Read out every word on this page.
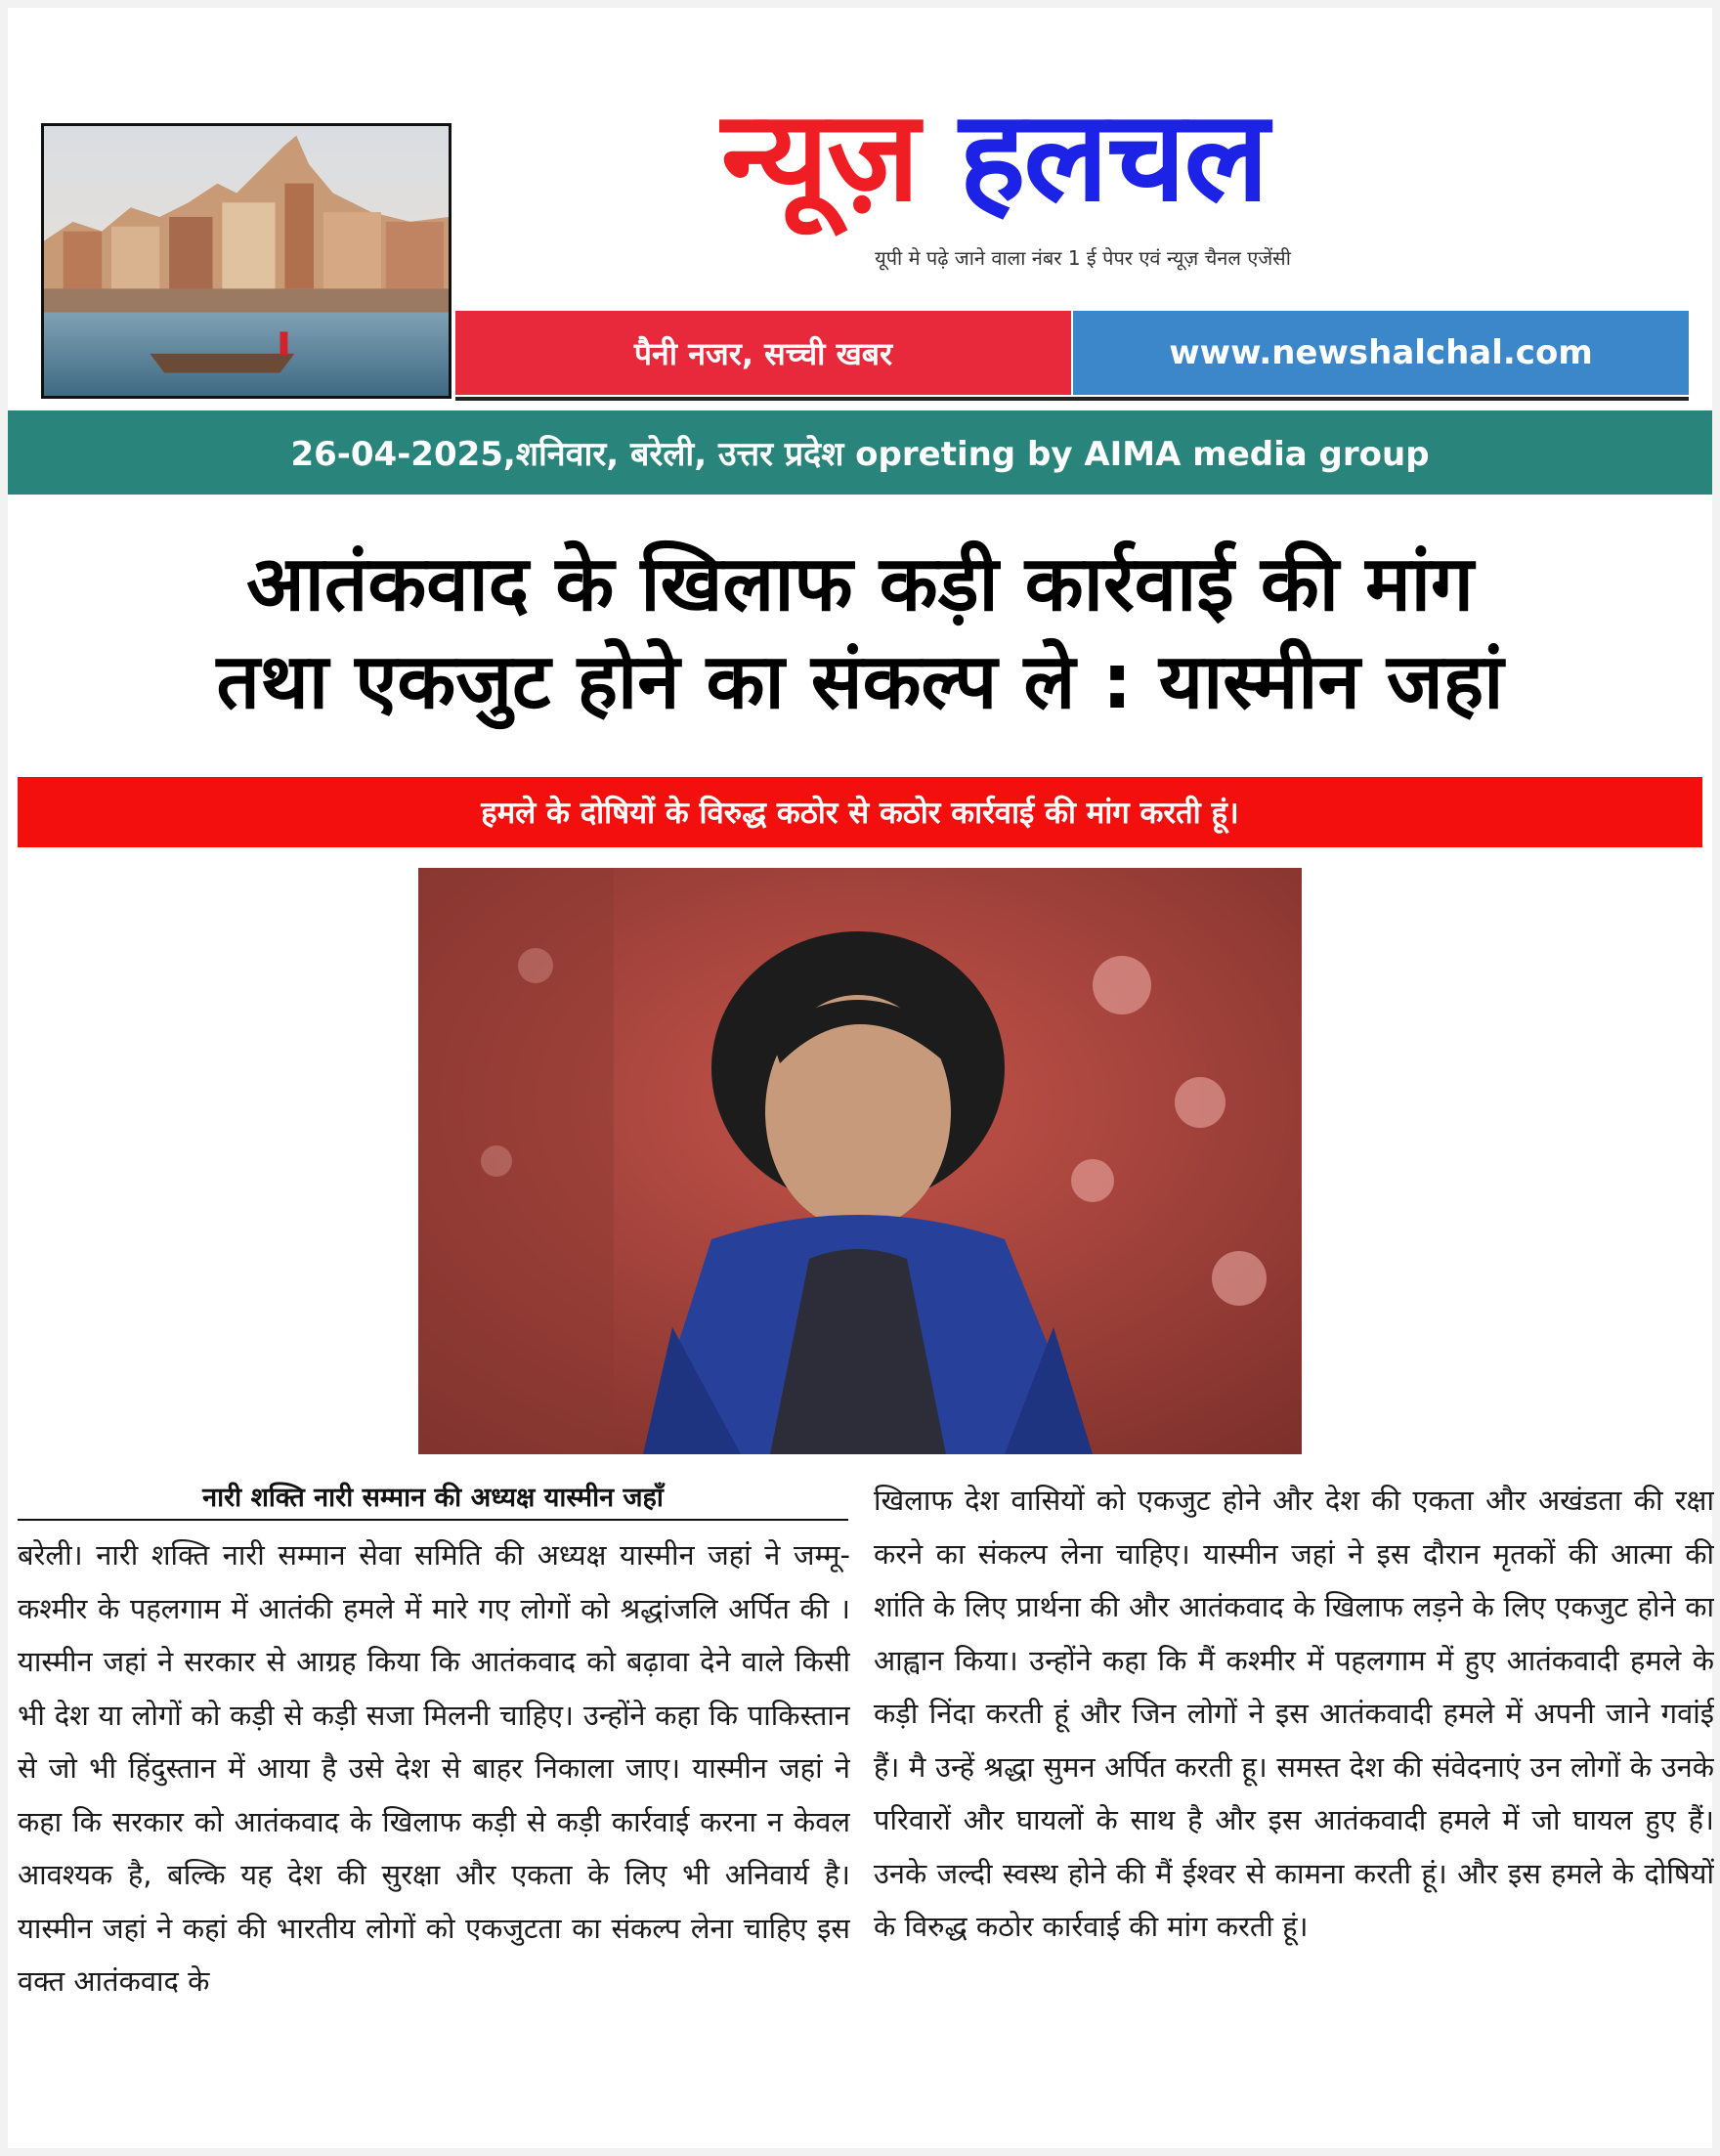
न्यूज़ हलचल
यूपी मे पढ़े जाने वाला नंबर 1 ई पेपर एवं न्यूज़ चैनल एजेंसी
पैनी नजर, सच्ची खबर	www.newshalchal.com
26-04-2025,शनिवार, बरेली, उत्तर प्रदेश opreting by AIMA media group
आतंकवाद के खिलाफ कड़ी कार्रवाई की मांग
तथा एकजुट होने का संकल्प ले : यास्मीन जहां
हमले के दोषियों के विरुद्ध कठोर से कठोर कार्रवाई की मांग करती हूं।
नारी शक्ति नारी सम्मान की अध्यक्ष यास्मीन जहाँ
बरेली। नारी शक्ति नारी सम्मान सेवा समिति की अध्यक्ष यास्मीन जहां ने जम्मू-कश्मीर के पहलगाम में आतंकी हमले में मारे गए लोगों को श्रद्धांजलि अर्पित की ।यास्मीन जहां ने सरकार से आग्रह किया कि आतंकवाद को बढ़ावा देने वाले किसी भी देश या लोगों को कड़ी से कड़ी सजा मिलनी चाहिए। उन्होंने कहा कि पाकिस्तान से जो भी हिंदुस्तान में आया है उसे देश से बाहर निकाला जाए। यास्मीन जहां ने कहा कि सरकार को आतंकवाद के खिलाफ कड़ी से कड़ी कार्रवाई करना न केवल आवश्यक है, बल्कि यह देश की सुरक्षा और एकता के लिए भी अनिवार्य है। यास्मीन जहां ने कहां की भारतीय लोगों को एकजुटता का संकल्प लेना चाहिए इस वक्त आतंकवाद के
खिलाफ देश वासियों को एकजुट होने और देश की एकता और अखंडता की रक्षा करने का संकल्प लेना चाहिए। यास्मीन जहां ने इस दौरान मृतकों की आत्मा की शांति के लिए प्रार्थना की और आतंकवाद के खिलाफ लड़ने के लिए एकजुट होने का आह्वान किया। उन्होंने कहा कि मैं कश्मीर में पहलगाम में हुए आतंकवादी हमले के कड़ी निंदा करती हूं और जिन लोगों ने इस आतंकवादी हमले में अपनी जाने गवांई हैं। मै उन्हें श्रद्धा सुमन अर्पित करती हू। समस्त देश की संवेदनाएं उन लोगों के उनके परिवारों और घायलों के साथ है और इस आतंकवादी हमले में जो घायल हुए हैं। उनके जल्दी स्वस्थ होने की मैं ईश्वर से कामना करती हूं। और इस हमले के दोषियों के विरुद्ध कठोर कार्रवाई की मांग करती हूं।
